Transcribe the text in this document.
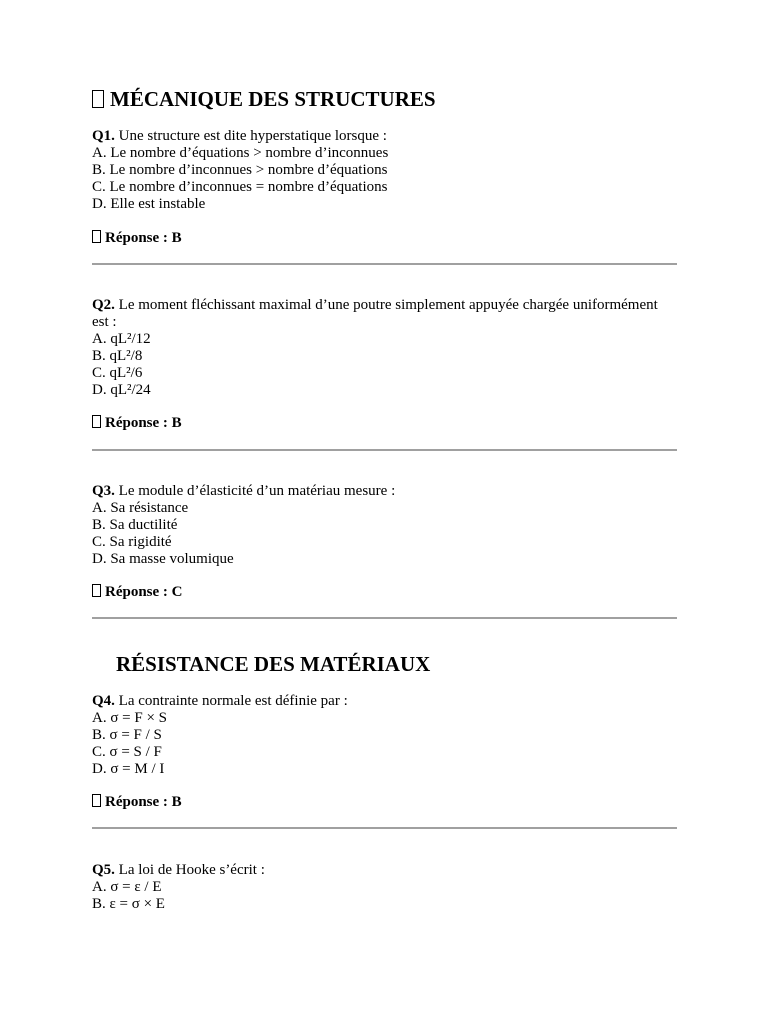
MÉCANIQUE DES STRUCTURES

Q1. Une structure est dite hyperstatique lorsque :

A. Le nombre d’équations > nombre d’inconnues

B. Le nombre d’inconnues > nombre d’équations

C. Le nombre d’inconnues = nombre d’équations

D. Elle est instable

Réponse : B

Q2. Le moment fléchissant maximal d’une poutre simplement appuyée chargée uniformément est :

A. qL²/12

B. qL²/8

C. qL²/6

D. qL²/24

Réponse : B

Q3. Le module d’élasticité d’un matériau mesure :

A. Sa résistance

B. Sa ductilité

C. Sa rigidité

D. Sa masse volumique

Réponse : C
RÉSISTANCE DES MATÉRIAUX

Q4. La contrainte normale est définie par :

A. σ = F × S

B. σ = F / S

C. σ = S / F

D. σ = M / I

Réponse : B

Q5. La loi de Hooke s’écrit :

A. σ = ε / E

B. ε = σ × E
